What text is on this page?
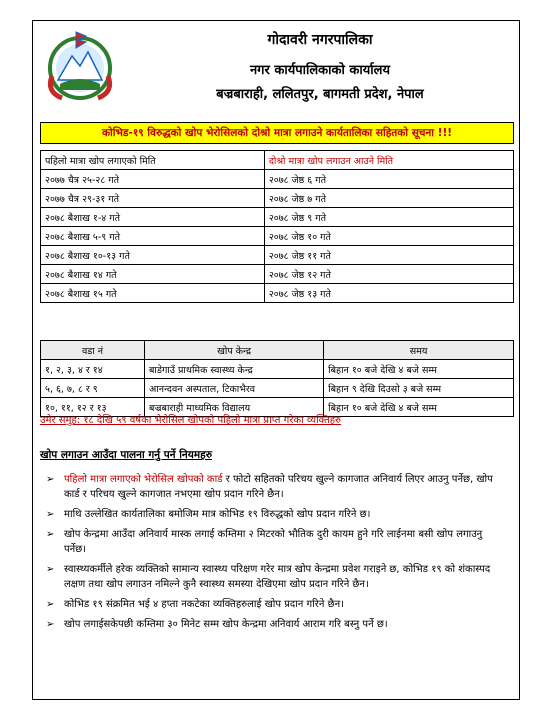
गोदावरी नगरपालिका
नगर कार्यपालिकाको कार्यालय
बज्रबाराही, ललितपुर, बागमती प्रदेश, नेपाल
कोभिड-१९ विरुद्धको खोप भेरोसिलको दोश्रो मात्रा लगाउने कार्यतालिका सहितको सूचना !!!
पहिलो मात्रा खोप लगाएको मिति	दोश्रो मात्रा खोप लगाउन आउने मिति
२०७७ चैत्र २५-२८ गते	२०७८ जेष्ठ ६ गते
२०७७ चैत्र २९-३१ गते	२०७८ जेष्ठ ७ गते
२०७८ बैशाख १-४ गते	२०७८ जेष्ठ ९ गते
२०७८ बैशाख ५-९ गते	२०७८ जेष्ठ १० गते
२०७८ बैशाख १०-१३ गते	२०७८ जेष्ठ ११ गते
२०७८ बैशाख १४ गते	२०७८ जेष्ठ १२ गते
२०७८ बैशाख १५ गते	२०७८ जेष्ठ १३ गते
वडा नं	खोप केन्द्र	समय
१, २, ३, ४ र १४	बाडेगाउँ प्राथमिक स्वास्थ्य केन्द्र	बिहान १० बजे देखि ४ बजे सम्म
५, ६, ७, ८ र ९	आनन्दवन अस्पताल, टिकाभैरव	बिहान ९ देखि दिउसो ३ बजे सम्म
१०, ११, १२ र १३	बज्रबाराही माध्यमिक विद्यालय	बिहान १० बजे देखि ४ बजे सम्म
उमेर समुह: १८ देखि ५९ वर्षका भेरोसिल खोपको पहिलो मात्रा प्राप्त गरेका व्यक्तिहरु
खोप लगाउन आउँदा पालना गर्नु पर्ने नियमहरु
➢ पहिलो मात्रा लगाएको भेरोसिल खोपको कार्ड र फोटो सहितको परिचय खुल्ने कागजात अनिवार्य लिएर आउनु पर्नेछ, खोप कार्ड र परिचय खुल्ने कागजात नभएमा खोप प्रदान गरिने छैन।
➢ माथि उल्लेखित कार्यतालिका बमोजिम मात्र कोभिड १९ विरुद्धको खोप प्रदान गरिने छ।
➢ खोप केन्द्रमा आउँदा अनिवार्य मास्क लगाई कम्तिमा २ मिटरको भौतिक दुरी कायम हुने गरि लाईनमा बसी खोप लगाउनु पर्नेछ।
➢ स्वास्थ्यकर्मीले हरेक व्यक्तिको सामान्य स्वास्थ्य परिक्षण गरेर मात्र खोप केन्द्रमा प्रवेश गराइने छ, कोभिड १९ को शंकास्पद लक्षण तथा खोप लगाउन नमिल्ने कुनै स्वास्थ्य समस्या देखिएमा खोप प्रदान गरिने छैन।
➢ कोभिड १९ संक्रमित भई ४ हप्ता नकटेका व्यक्तिहरुलाई खोप प्रदान गरिने छैन।
➢ खोप लगाईसकेपछी कम्तिमा ३० मिनेट सम्म खोप केन्द्रमा अनिवार्य आराम गरि बस्नु पर्ने छ।
